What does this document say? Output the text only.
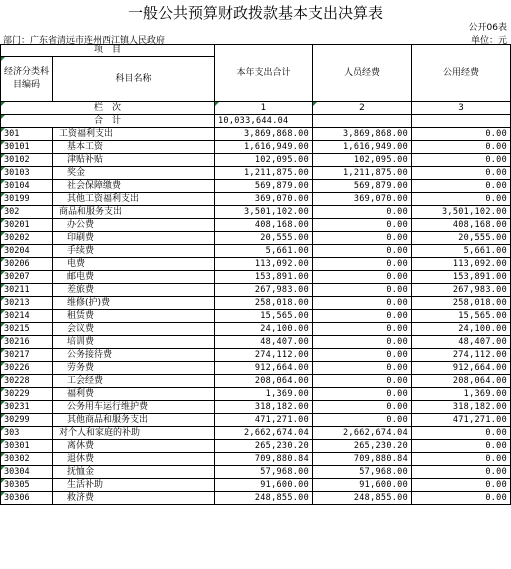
一般公共预算财政拨款基本支出决算表
公开06表
部门：广东省清远市连州西江镇人民政府	单位：元
项　目		本年支出合计	人员经费	公用经费
经济分类科目编码	科目名称			

栏　次		1	2	3
合　计		10,033,644.04		
301	工资福利支出	3,869,868.00	3,869,868.00	0.00
30101	基本工资	1,616,949.00	1,616,949.00	0.00
30102	津贴补贴	102,095.00	102,095.00	0.00
30103	奖金	1,211,875.00	1,211,875.00	0.00
30104	社会保障缴费	569,879.00	569,879.00	0.00
30199	其他工资福利支出	369,070.00	369,070.00	0.00
302	商品和服务支出	3,501,102.00	0.00	3,501,102.00
30201	办公费	408,168.00	0.00	408,168.00
30202	印刷费	20,555.00	0.00	20,555.00
30204	手续费	5,661.00	0.00	5,661.00
30206	电费	113,092.00	0.00	113,092.00
30207	邮电费	153,891.00	0.00	153,891.00
30211	差旅费	267,983.00	0.00	267,983.00
30213	维修(护)费	258,018.00	0.00	258,018.00
30214	租赁费	15,565.00	0.00	15,565.00
30215	会议费	24,100.00	0.00	24,100.00
30216	培训费	48,407.00	0.00	48,407.00
30217	公务接待费	274,112.00	0.00	274,112.00
30226	劳务费	912,664.00	0.00	912,664.00
30228	工会经费	208,064.00	0.00	208,064.00
30229	福利费	1,369.00	0.00	1,369.00
30231	公务用车运行维护费	318,182.00	0.00	318,182.00
30299	其他商品和服务支出	471,271.00	0.00	471,271.00
303	对个人和家庭的补助	2,662,674.04	2,662,674.04	0.00
30301	离休费	265,230.20	265,230.20	0.00
30302	退休费	709,880.84	709,880.84	0.00
30304	抚恤金	57,968.00	57,968.00	0.00
30305	生活补助	91,600.00	91,600.00	0.00
30306	救济费	248,855.00	248,855.00	0.00
